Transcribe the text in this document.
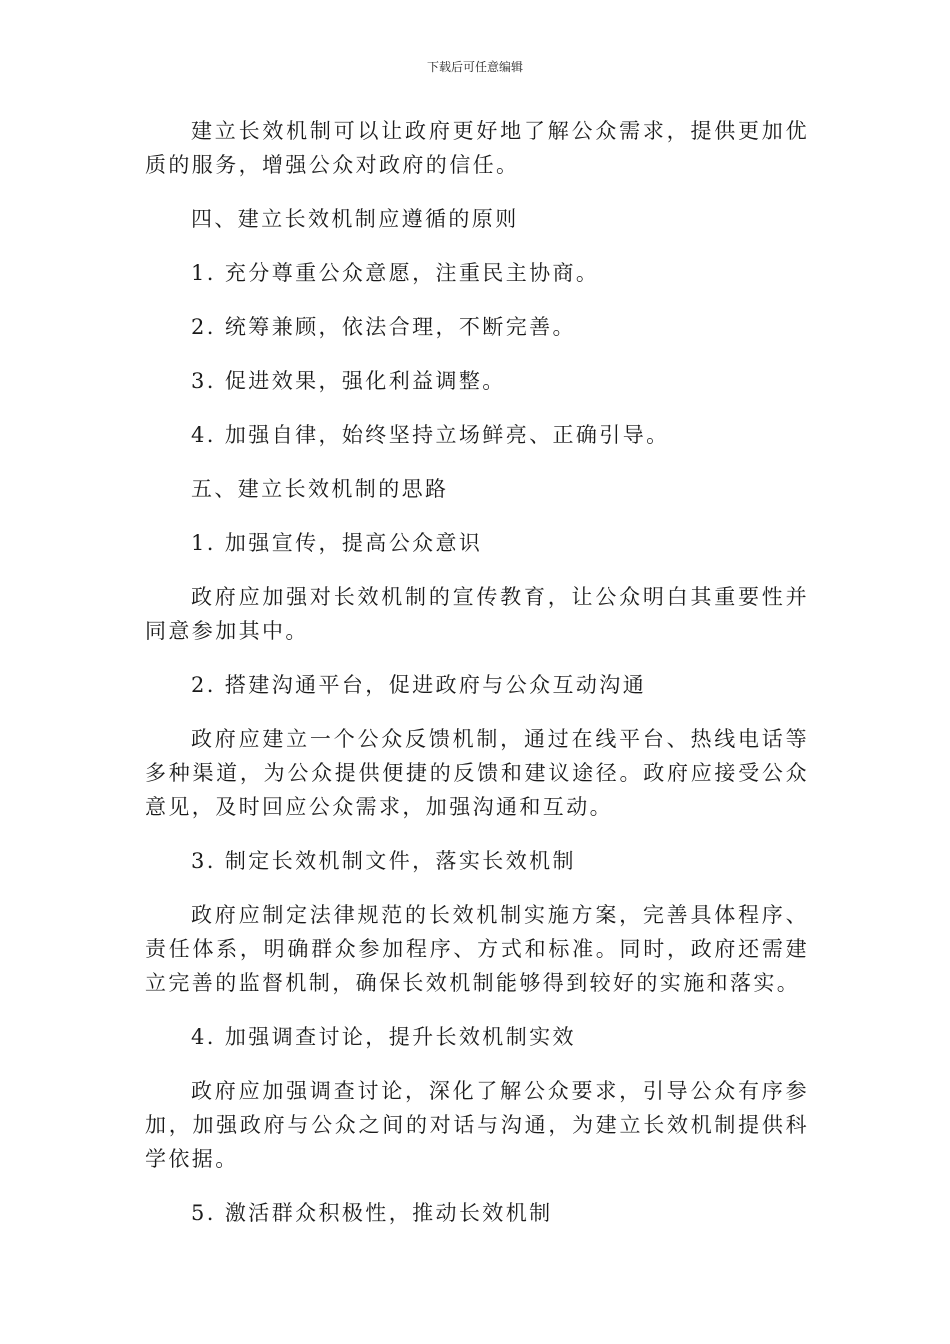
下载后可任意编辑

建立长效机制可以让政府更好地了解公众需求，提供更加优质的服务，增强公众对政府的信任。

四、建立长效机制应遵循的原则

1. 充分尊重公众意愿，注重民主协商。

2. 统筹兼顾，依法合理，不断完善。

3. 促进效果，强化利益调整。

4. 加强自律，始终坚持立场鲜亮、正确引导。

五、建立长效机制的思路

1. 加强宣传，提高公众意识

政府应加强对长效机制的宣传教育，让公众明白其重要性并同意参加其中。

2. 搭建沟通平台，促进政府与公众互动沟通

政府应建立一个公众反馈机制，通过在线平台、热线电话等多种渠道，为公众提供便捷的反馈和建议途径。政府应接受公众意见，及时回应公众需求，加强沟通和互动。

3. 制定长效机制文件，落实长效机制

政府应制定法律规范的长效机制实施方案，完善具体程序、责任体系，明确群众参加程序、方式和标准。同时，政府还需建立完善的监督机制，确保长效机制能够得到较好的实施和落实。

4. 加强调查讨论，提升长效机制实效

政府应加强调查讨论，深化了解公众要求，引导公众有序参加，加强政府与公众之间的对话与沟通，为建立长效机制提供科学依据。

5. 激活群众积极性，推动长效机制
